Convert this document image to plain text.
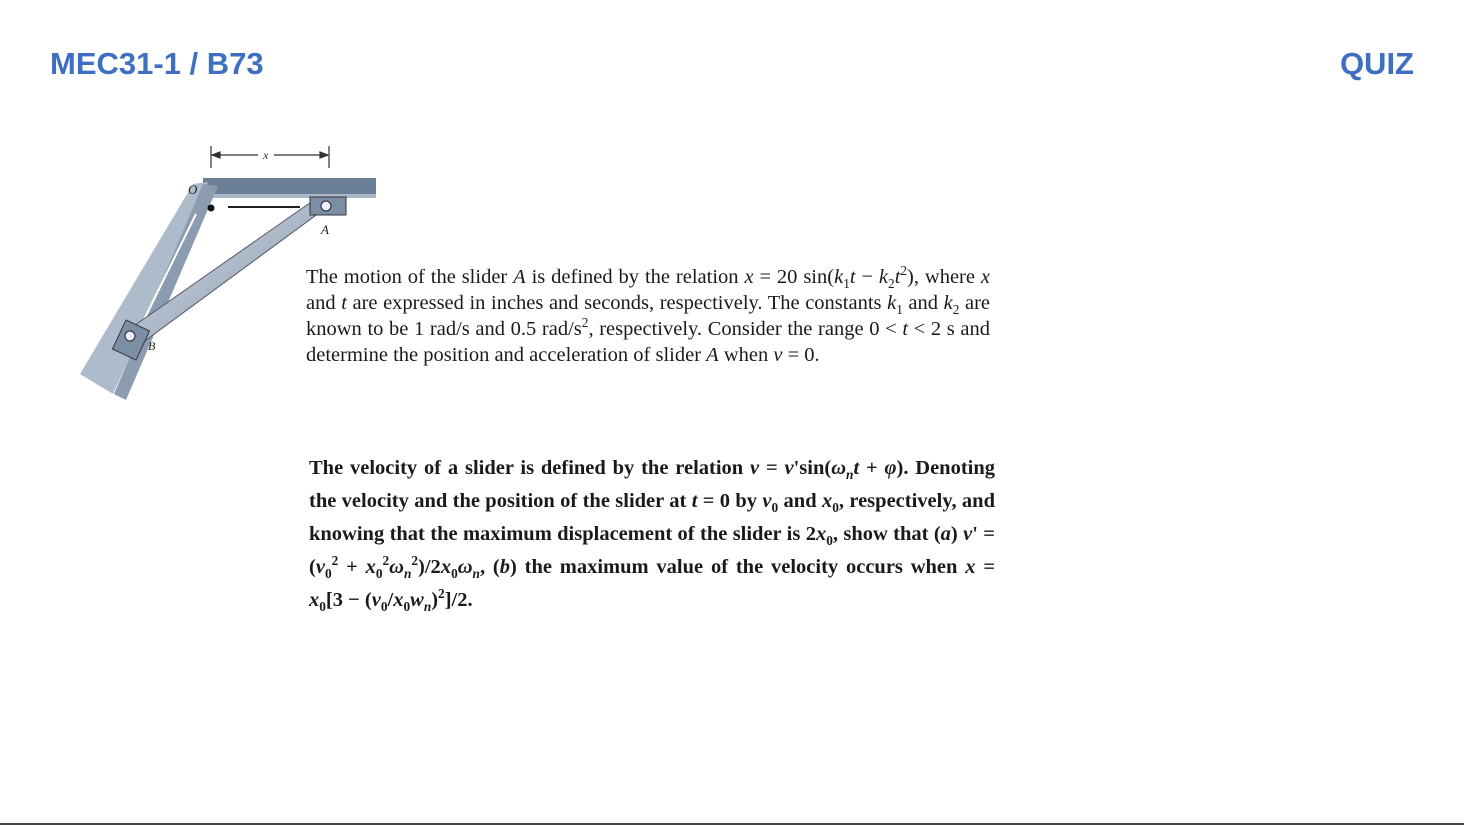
MEC31-1 / B73	QUIZ
x
O
A
B
The motion of the slider A is defined by the relation x = 20 $\sin(k_1t - k_2t^2)$, where x and t are expressed in inches and seconds, respectively. The constants $k_1$ and $k_2$ are known to be 1 rad/s and 0.5 rad/$s^2$, respectively. Consider the range 0 < t < 2 s and determine the position and acceleration of slider A when v = 0.
The velocity of a slider is defined by the relation $v = v'\sin(\omega_nt + \varphi)$. Denoting the velocity and the position of the slider at t = 0 by $v_0$ and $x_0$, respectively, and knowing that the maximum displacement of the slider is $2x_0$, show that (a) $v' = (v_0^2 + x_0^2\omega_n^2)/2x_0\omega_n$, (b) the maximum value of the velocity occurs when $x = x_0[3 - (v_0/x_0w_n)^2]/2$.
